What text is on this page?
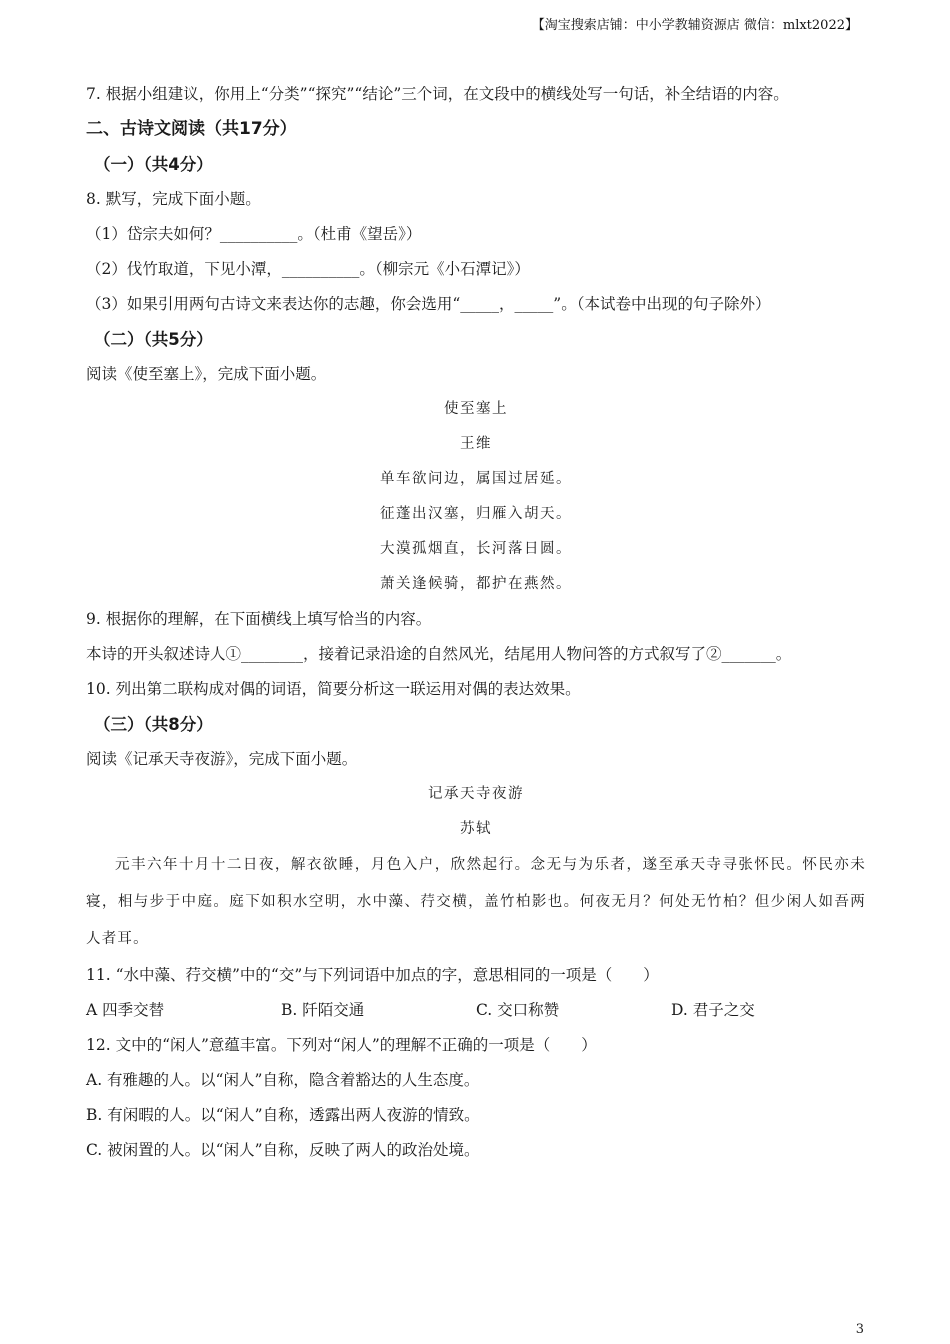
【淘宝搜索店铺：中小学教辅资源店 微信：mlxt2022】
7. 根据小组建议，你用上“分类”“探究”“结论”三个词，在文段中的横线处写一句话，补全结语的内容。
二、古诗文阅读（共17分）
（一）（共4分）
8. 默写，完成下面小题。
（1）岱宗夫如何？__________。（杜甫《望岳》）
（2）伐竹取道，下见小潭，__________。（柳宗元《小石潭记》）
（3）如果引用两句古诗文来表达你的志趣，你会选用“_____，_____”。（本试卷中出现的句子除外）
（二）（共5分）
阅读《使至塞上》，完成下面小题。
使至塞上
王维
单车欲问边，属国过居延。
征蓬出汉塞，归雁入胡天。
大漠孤烟直，长河落日圆。
萧关逢候骑，都护在燕然。
9. 根据你的理解，在下面横线上填写恰当的内容。
本诗的开头叙述诗人①________，接着记录沿途的自然风光，结尾用人物问答的方式叙写了②_______。
10. 列出第二联构成对偶的词语，简要分析这一联运用对偶的表达效果。
（三）（共8分）
阅读《记承天寺夜游》，完成下面小题。
记承天寺夜游
苏轼
元丰六年十月十二日夜，解衣欲睡，月色入户，欣然起行。念无与为乐者，遂至承天寺寻张怀民。怀民亦未寝，相与步于中庭。庭下如积水空明，水中藻、荇交横，盖竹柏影也。何夜无月？何处无竹柏？但少闲人如吾两人者耳。
11. “水中藻、荇交横”中的“交”与下列词语中加点的字，意思相同的一项是（　　）
A 四季交替	B. 阡陌交通	C. 交口称赞	D. 君子之交
12. 文中的“闲人”意蕴丰富。下列对“闲人”的理解不正确的一项是（　　）
A. 有雅趣的人。以“闲人”自称，隐含着豁达的人生态度。
B. 有闲暇的人。以“闲人”自称，透露出两人夜游的情致。
C. 被闲置的人。以“闲人”自称，反映了两人的政治处境。
3
